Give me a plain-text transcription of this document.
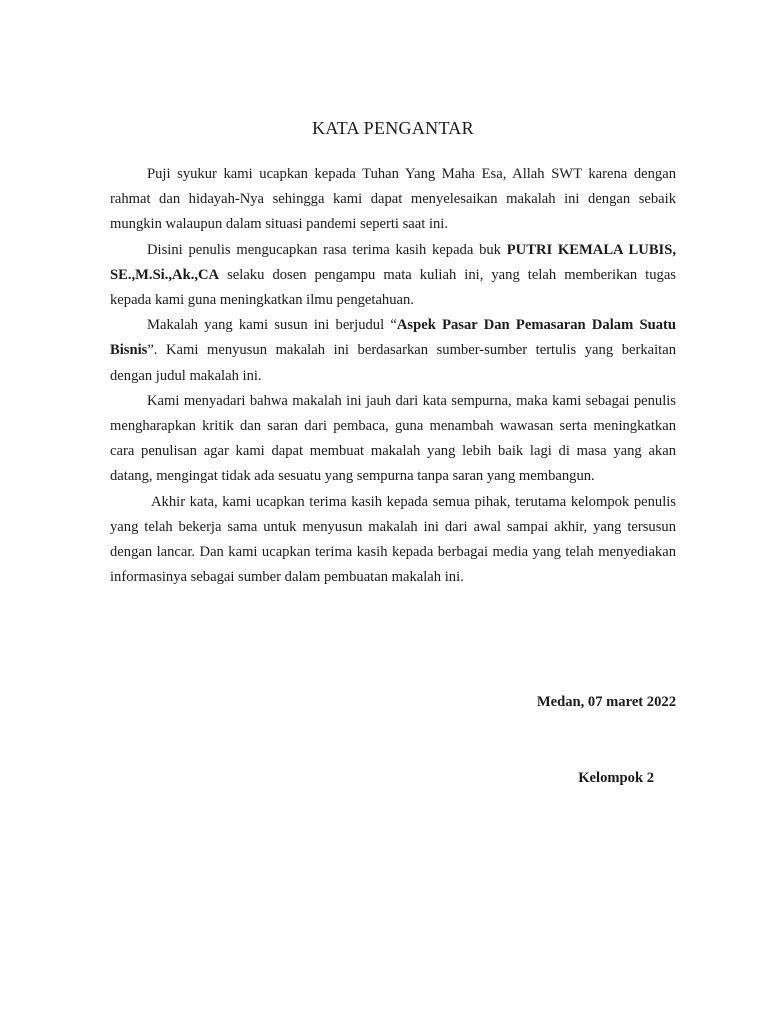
KATA PENGANTAR

Puji syukur kami ucapkan kepada Tuhan Yang Maha Esa, Allah SWT karena dengan rahmat dan hidayah-Nya sehingga kami dapat menyelesaikan makalah ini dengan sebaik mungkin walaupun dalam situasi pandemi seperti saat ini.

Disini penulis mengucapkan rasa terima kasih kepada buk PUTRI KEMALA LUBIS, SE.,M.Si.,Ak.,CA selaku dosen pengampu mata kuliah ini, yang telah memberikan tugas kepada kami guna meningkatkan ilmu pengetahuan.

Makalah yang kami susun ini berjudul “Aspek Pasar Dan Pemasaran Dalam Suatu Bisnis”. Kami menyusun makalah ini berdasarkan sumber-sumber tertulis yang berkaitan dengan judul makalah ini.

Kami menyadari bahwa makalah ini jauh dari kata sempurna, maka kami sebagai penulis mengharapkan kritik dan saran dari pembaca, guna menambah wawasan serta meningkatkan cara penulisan agar kami dapat membuat makalah yang lebih baik lagi di masa yang akan datang, mengingat tidak ada sesuatu yang sempurna tanpa saran yang membangun.

Akhir kata, kami ucapkan terima kasih kepada semua pihak, terutama kelompok penulis yang telah bekerja sama untuk menyusun makalah ini dari awal sampai akhir, yang tersusun dengan lancar. Dan kami ucapkan terima kasih kepada berbagai media yang telah menyediakan informasinya sebagai sumber dalam pembuatan makalah ini.

Medan, 07 maret 2022
Kelompok 2
